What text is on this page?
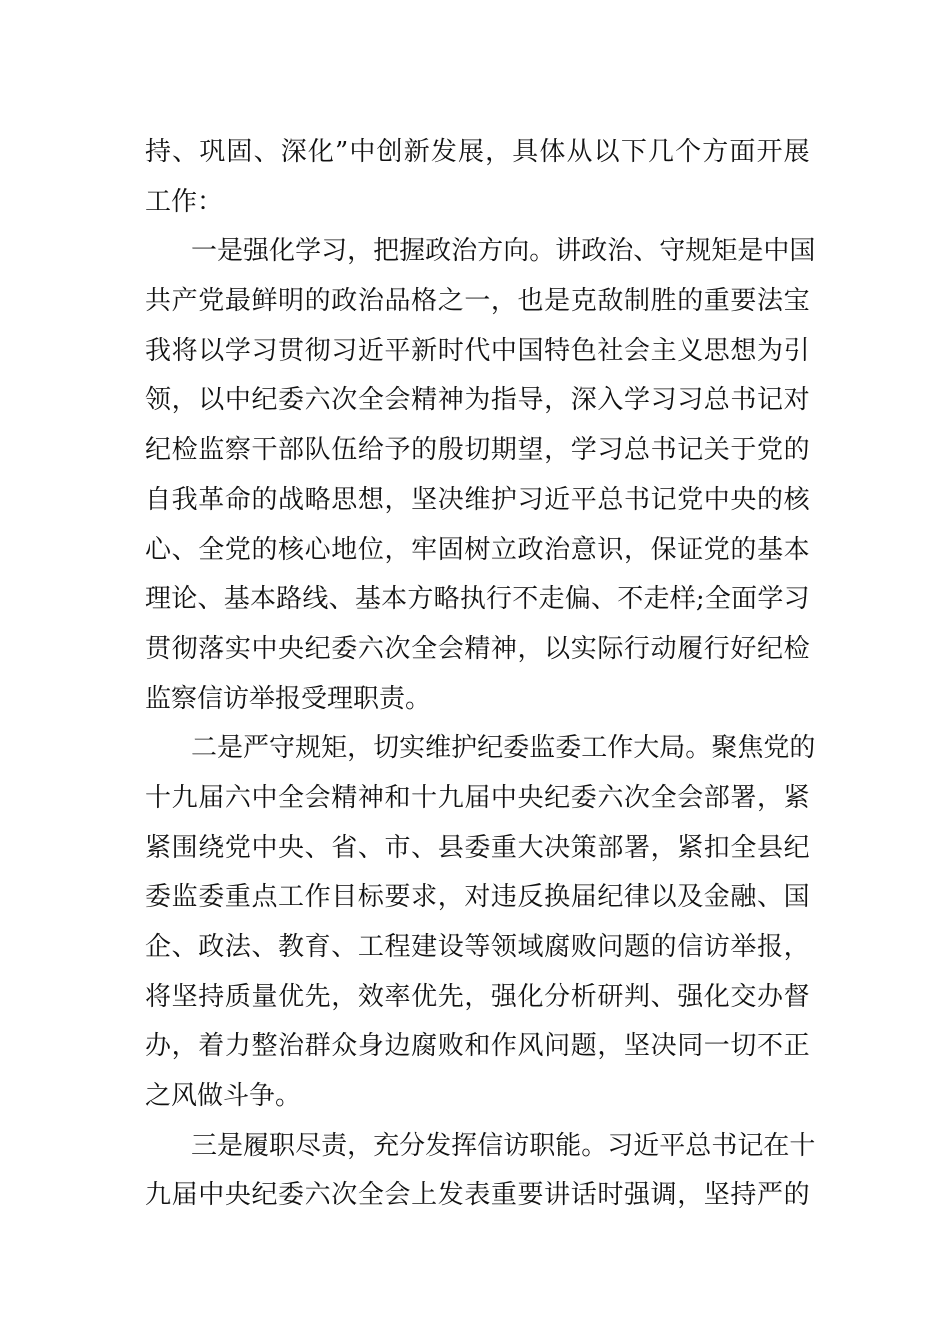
持 、 巩 固 、 深 化 ” 中 创 新 发 展 ， 具 体 从 以 下 几 个 方 面 开 展
工作：
一 是 强 化 学 习 ， 把 握 政 治 方 向 。 讲 政 治 、 守 规 矩 是 中 国
共 产 党 最 鲜 明 的 政 治 品 格 之 一 ， 也 是 克 敌 制 胜 的 重 要 法 宝
我 将 以 学 习 贯 彻 习 近 平 新 时 代 中 国 特 色 社 会 主 义 思 想 为 引
领 ， 以 中 纪 委 六 次 全 会 精 神 为 指 导 ， 深 入 学 习 习 总 书 记 对
纪 检 监 察 干 部 队 伍 给 予 的 殷 切 期 望 ， 学 习 总 书 记 关 于 党 的
自 我 革 命 的 战 略 思 想 ， 坚 决 维 护 习 近 平 总 书 记 党 中 央 的 核
心 、 全 党 的 核 心 地 位 ， 牢 固 树 立 政 治 意 识 ， 保 证 党 的 基 本
理 论 、 基 本 路 线 、 基 本 方 略 执 行 不 走 偏 、 不 走 样 ; 全 面 学 习
贯 彻 落 实 中 央 纪 委 六 次 全 会 精 神 ， 以 实 际 行 动 履 行 好 纪 检
监察信访举报受理职责。
二 是 严 守 规 矩 ， 切 实 维 护 纪 委 监 委 工 作 大 局 。 聚 焦 党 的
十 九 届 六 中 全 会 精 神 和 十 九 届 中 央 纪 委 六 次 全 会 部 署 ， 紧
紧 围 绕 党 中 央 、 省 、 市 、 县 委 重 大 决 策 部 署 ， 紧 扣 全 县 纪
委 监 委 重 点 工 作 目 标 要 求 ， 对 违 反 换 届 纪 律 以 及 金 融 、 国
企 、 政 法 、 教 育 、 工 程 建 设 等 领 域 腐 败 问 题 的 信 访 举 报 ，
将 坚 持 质 量 优 先 ， 效 率 优 先 ， 强 化 分 析 研 判 、 强 化 交 办 督
办 ， 着 力 整 治 群 众 身 边 腐 败 和 作 风 问 题 ， 坚 决 同 一 切 不 正
之风做斗争。
三 是 履 职 尽 责 ， 充 分 发 挥 信 访 职 能 。 习 近 平 总 书 记 在 十
九 届 中 央 纪 委 六 次 全 会 上 发 表 重 要 讲 话 时 强 调 ， 坚 持 严 的
